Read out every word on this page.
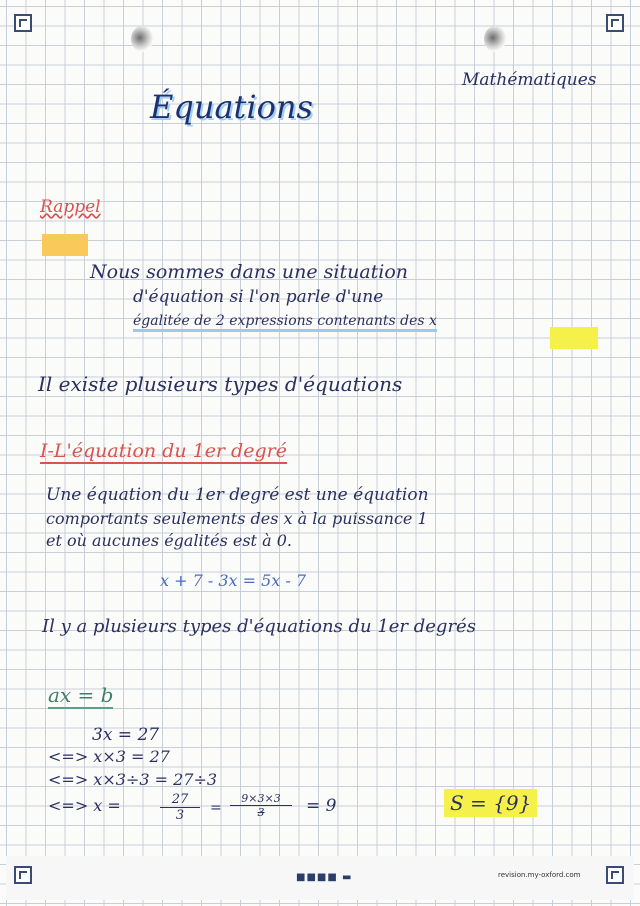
Mathématiques
Équations
Rappel
Nous sommes dans une situation
d'équation si l'on parle d'une
égalitée de 2 expressions contenants des x
Il existe plusieurs types d'équations
I-L'équation du 1er degré
Une équation du 1er degré est une équation
comportants seulements des x à la puissance 1
et où aucunes égalités est à 0.
x + 7 - 3x = 5x - 7
Il y a plusieurs types d'équations du 1er degrés
ax = b
3x = 27
<=> x×3 = 27
<=> x×3÷3 = 27÷3
<=> x =	$\frac{27}{3} = \frac{9\times 3\times 3}{3} = 9$	S = {9}
■■■■ ▬	revision.my-oxford.com
